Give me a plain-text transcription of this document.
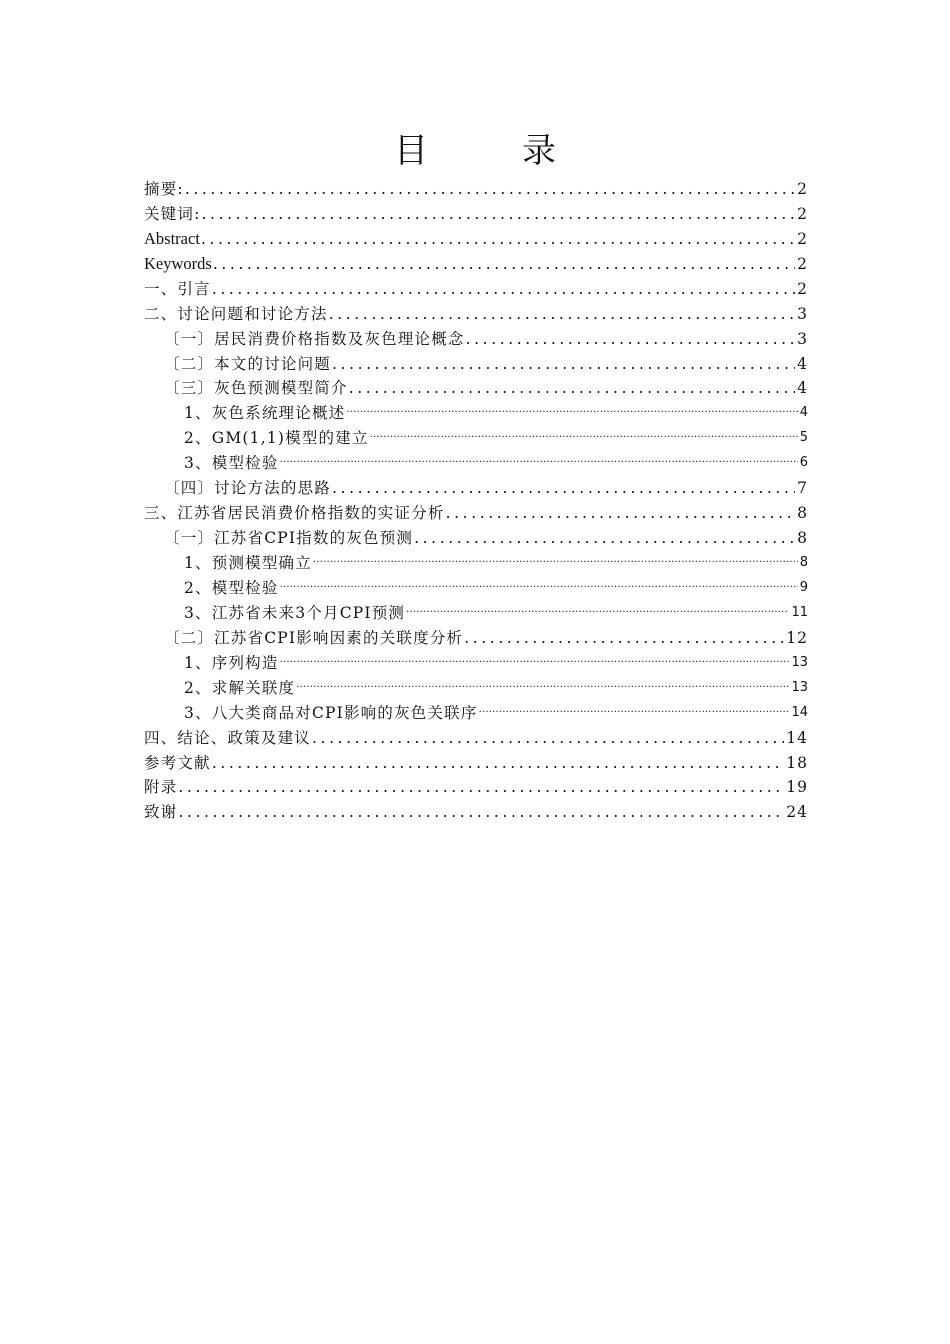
目　录
摘要: .....	2
关键词: .....	2
Abstract .....	2
Keywords .....	2
一、引言 .....	2
二、讨论问题和讨论方法 .....	3
〔一〕居民消费价格指数及灰色理论概念 .....	3
〔二〕本文的讨论问题 .....	4
〔三〕灰色预测模型简介 .....	4
1、灰色系统理论概述 .....	4
2、GM(1,1)模型的建立 .....	5
3、模型检验 .....	6
〔四〕讨论方法的思路 .....	7
三、江苏省居民消费价格指数的实证分析 .....	8
〔一〕江苏省CPI指数的灰色预测 .....	8
1、预测模型确立 .....	8
2、模型检验 .....	9
3、江苏省未来3个月CPI预测 .....	11
〔二〕江苏省CPI影响因素的关联度分析 .....	12
1、序列构造 .....	13
2、求解关联度 .....	13
3、八大类商品对CPI影响的灰色关联序 .....	14
四、结论、政策及建议 .....	14
参考文献 .....	18
附录 .....	19
致谢 .....	24
